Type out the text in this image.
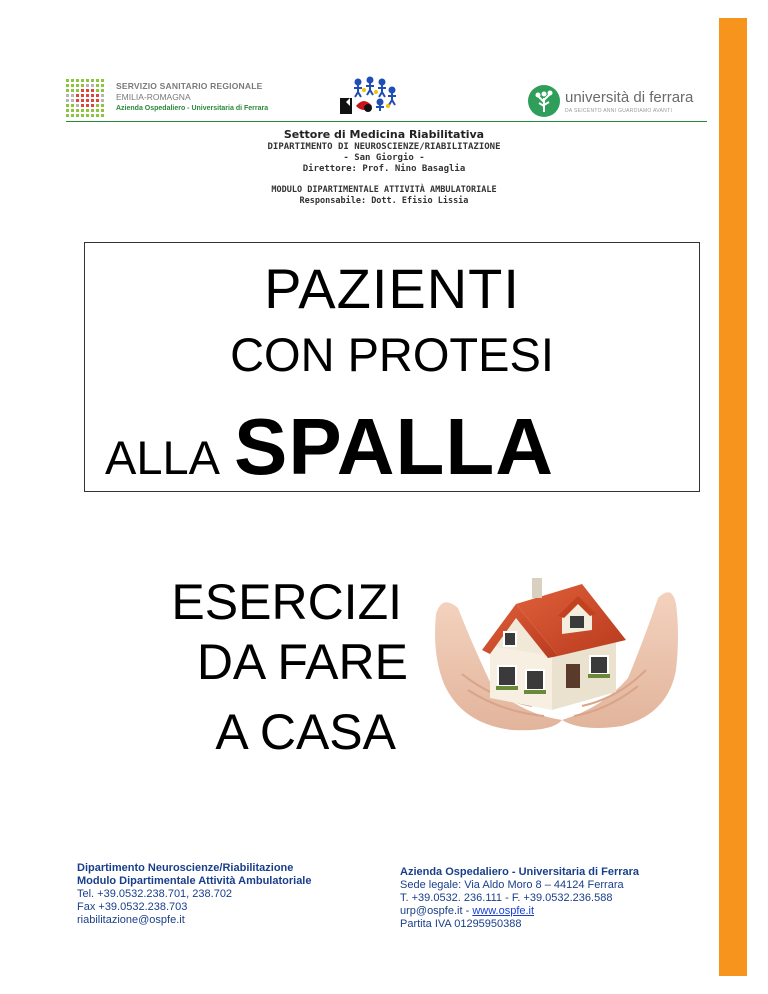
SERVIZIO SANITARIO REGIONALE
EMILIA-ROMAGNA
Azienda Ospedaliero - Universitaria di Ferrara
università di ferrara
DA SEICENTO ANNI GUARDIAMO AVANTI
Settore di Medicina Riabilitativa
DIPARTIMENTO DI NEUROSCIENZE/RIABILITAZIONE
- San Giorgio -
Direttore: Prof. Nino Basaglia
MODULO DIPARTIMENTALE ATTIVITÀ AMBULATORIALE
Responsabile: Dott. Efisio Lissia
PAZIENTI
CON PROTESI
ALLA SPALLA
ESERCIZI
DA FARE
A CASA
Dipartimento Neuroscienze/Riabilitazione
Modulo Dipartimentale Attività Ambulatoriale
Tel. +39.0532.238.701, 238.702
Fax +39.0532.238.703
riabilitazione@ospfe.it
Azienda Ospedaliero - Universitaria di Ferrara
Sede legale: Via Aldo Moro 8 – 44124 Ferrara
T. +39.0532. 236.111 - F. +39.0532.236.588
urp@ospfe.it - www.ospfe.it
Partita IVA 01295950388
